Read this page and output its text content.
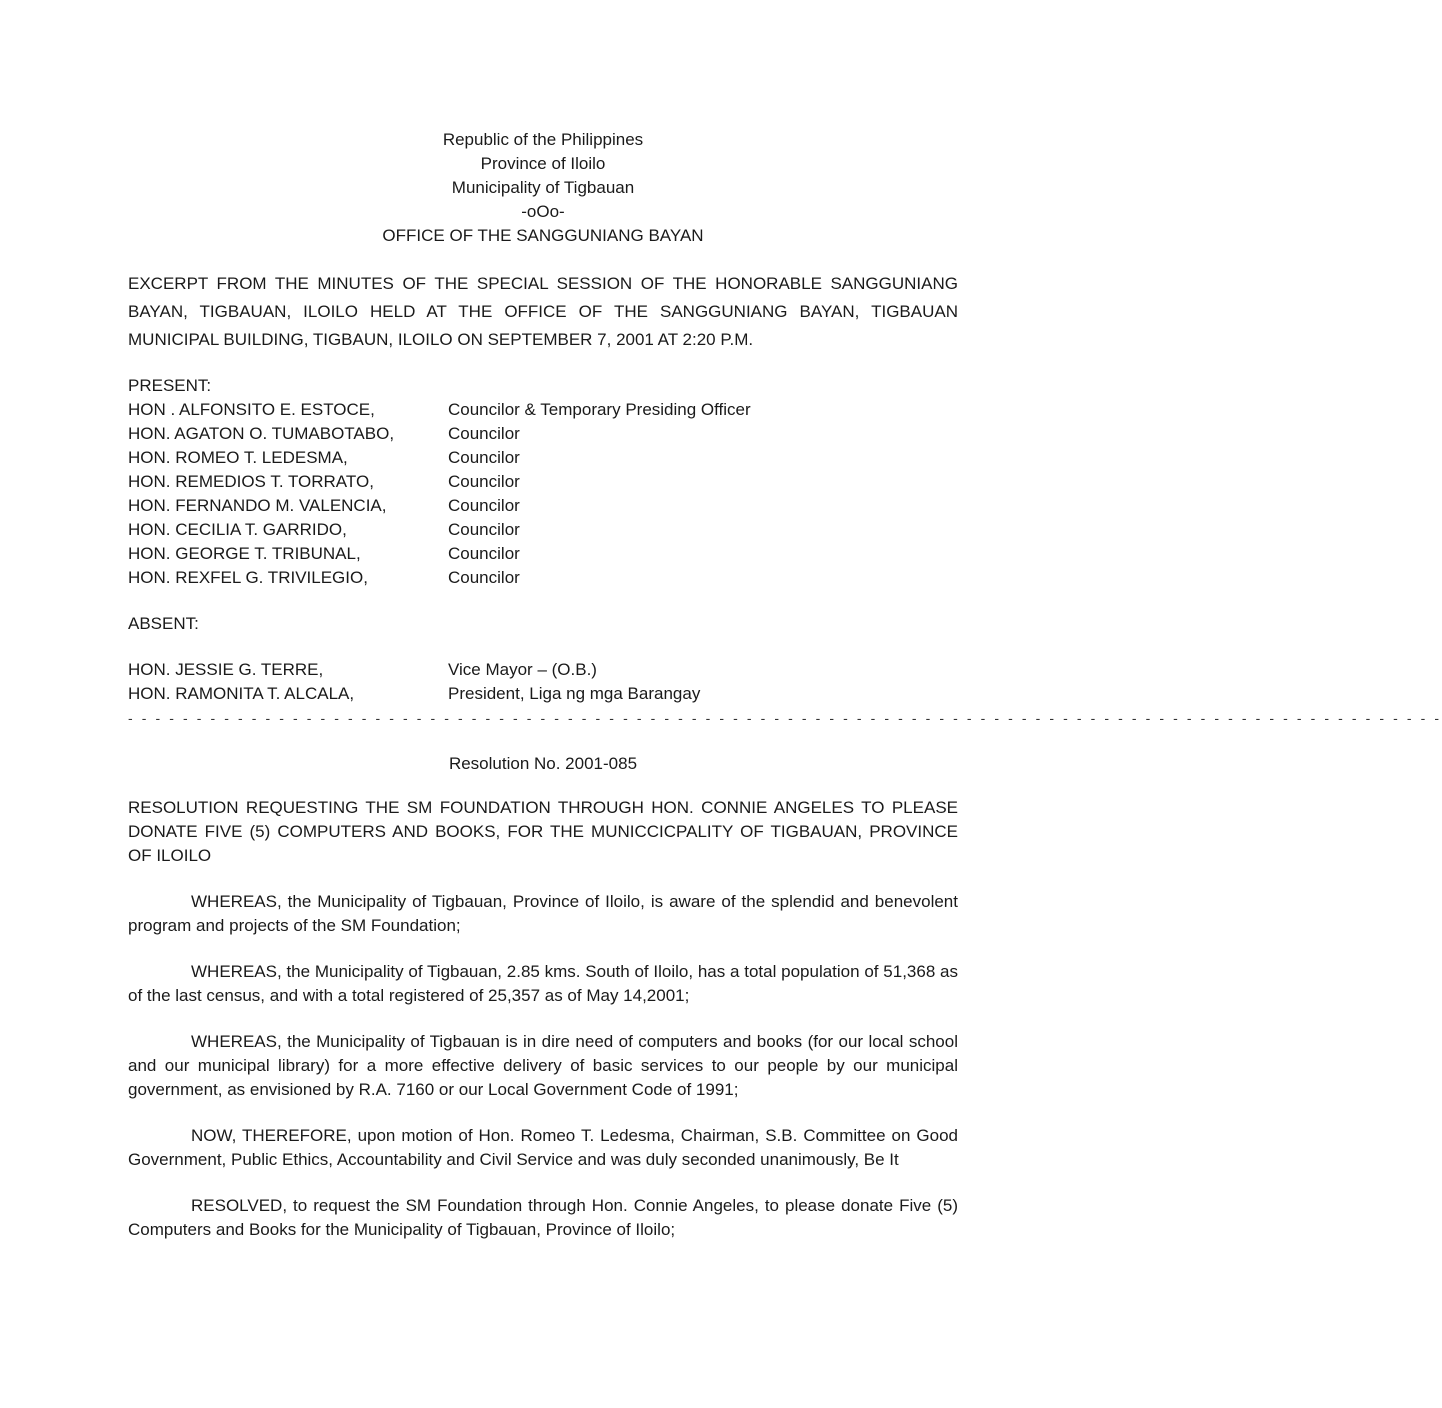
Republic of the Philippines
Province of Iloilo
Municipality of Tigbauan
-oOo-
OFFICE OF THE SANGGUNIANG BAYAN
EXCERPT FROM THE MINUTES OF THE SPECIAL SESSION OF THE HONORABLE SANGGUNIANG BAYAN, TIGBAUAN, ILOILO HELD AT THE OFFICE OF THE SANGGUNIANG BAYAN, TIGBAUAN MUNICIPAL BUILDING, TIGBAUN, ILOILO ON SEPTEMBER 7, 2001 AT 2:20 P.M.
PRESENT:
HON . ALFONSITO E. ESTOCE,	Councilor & Temporary Presiding Officer
HON. AGATON O. TUMABOTABO,	Councilor
HON. ROMEO T. LEDESMA,	Councilor
HON. REMEDIOS T. TORRATO,	Councilor
HON. FERNANDO M. VALENCIA,	Councilor
HON. CECILIA T. GARRIDO,	Councilor
HON. GEORGE T. TRIBUNAL,	Councilor
HON. REXFEL G. TRIVILEGIO,	Councilor
ABSENT:
HON. JESSIE G. TERRE,	Vice Mayor – (O.B.)
HON. RAMONITA T. ALCALA,	President, Liga ng mga Barangay
- - - - - - - - - - - - - - - - - - - - - - - - - - - - - - - - - - - - - - - - - - - - - - - - - - - - - - - - - - - - - - - - - - - - - - - - - - - - - - - - - - - - - - - - - - - - - - - -
Resolution No. 2001-085
RESOLUTION REQUESTING THE SM FOUNDATION THROUGH HON. CONNIE ANGELES TO PLEASE DONATE FIVE (5) COMPUTERS AND BOOKS, FOR THE MUNICCICPALITY OF TIGBAUAN, PROVINCE OF ILOILO
WHEREAS, the Municipality of Tigbauan, Province of Iloilo, is aware of the splendid and benevolent program and projects of the SM Foundation;
WHEREAS, the Municipality of Tigbauan, 2.85 kms. South of Iloilo, has a total population of 51,368 as of the last census, and with a total registered of 25,357 as of May 14,2001;
WHEREAS, the Municipality of Tigbauan is in dire need of computers and books (for our local school and our municipal library) for a more effective delivery of basic services to our people by our municipal government, as envisioned by R.A. 7160 or our Local Government Code of 1991;
NOW, THEREFORE, upon motion of Hon. Romeo T. Ledesma, Chairman, S.B. Committee on Good Government, Public Ethics, Accountability and Civil Service and was duly seconded unanimously, Be It
RESOLVED, to request the SM Foundation through Hon. Connie Angeles, to please donate Five (5) Computers and Books for the Municipality of Tigbauan, Province of Iloilo;
